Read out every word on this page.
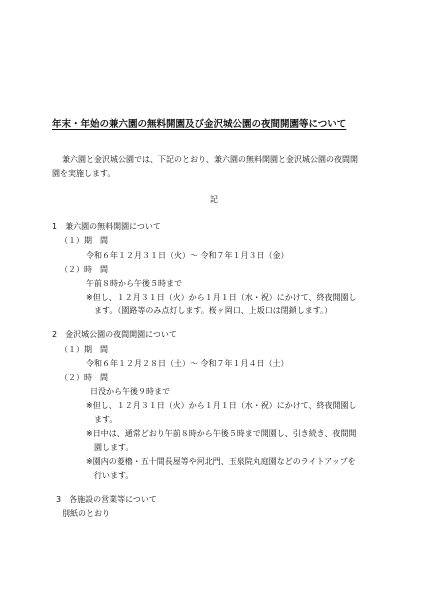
年末・年始の兼六園の無料開園及び金沢城公園の夜間開園等について
兼六園と金沢城公園では、下記のとおり、兼六園の無料開園と金沢城公園の夜間開
園を実施します。
記
1　兼六園の無料開園について
（１）期　間
令和６年１２月３１日（火）～ 令和７年１月３日（金）
（２）時　間
午前８時から午後５時まで
※但し、１２月３１日（火）から１月１日（水・祝）にかけて、終夜開園し
ます。（園路等のみ点灯します。桜ヶ岡口、上坂口は閉鎖します。）
2　金沢城公園の夜間開園について
（１）期　間
令和６年１２月２８日（土）～ 令和７年１月４日（土）
（２）時　間
日没から午後９時まで
※但し、１２月３１日（火）から１月１日（水・祝）にかけて、終夜開園し
ます。
※日中は、通常どおり午前８時から午後５時まで開園し、引き続き、夜間開
園します。
※園内の菱櫓・五十間長屋等や河北門、玉泉院丸庭園などのライトアップを
行います。
3　各施設の営業等について
別紙のとおり
